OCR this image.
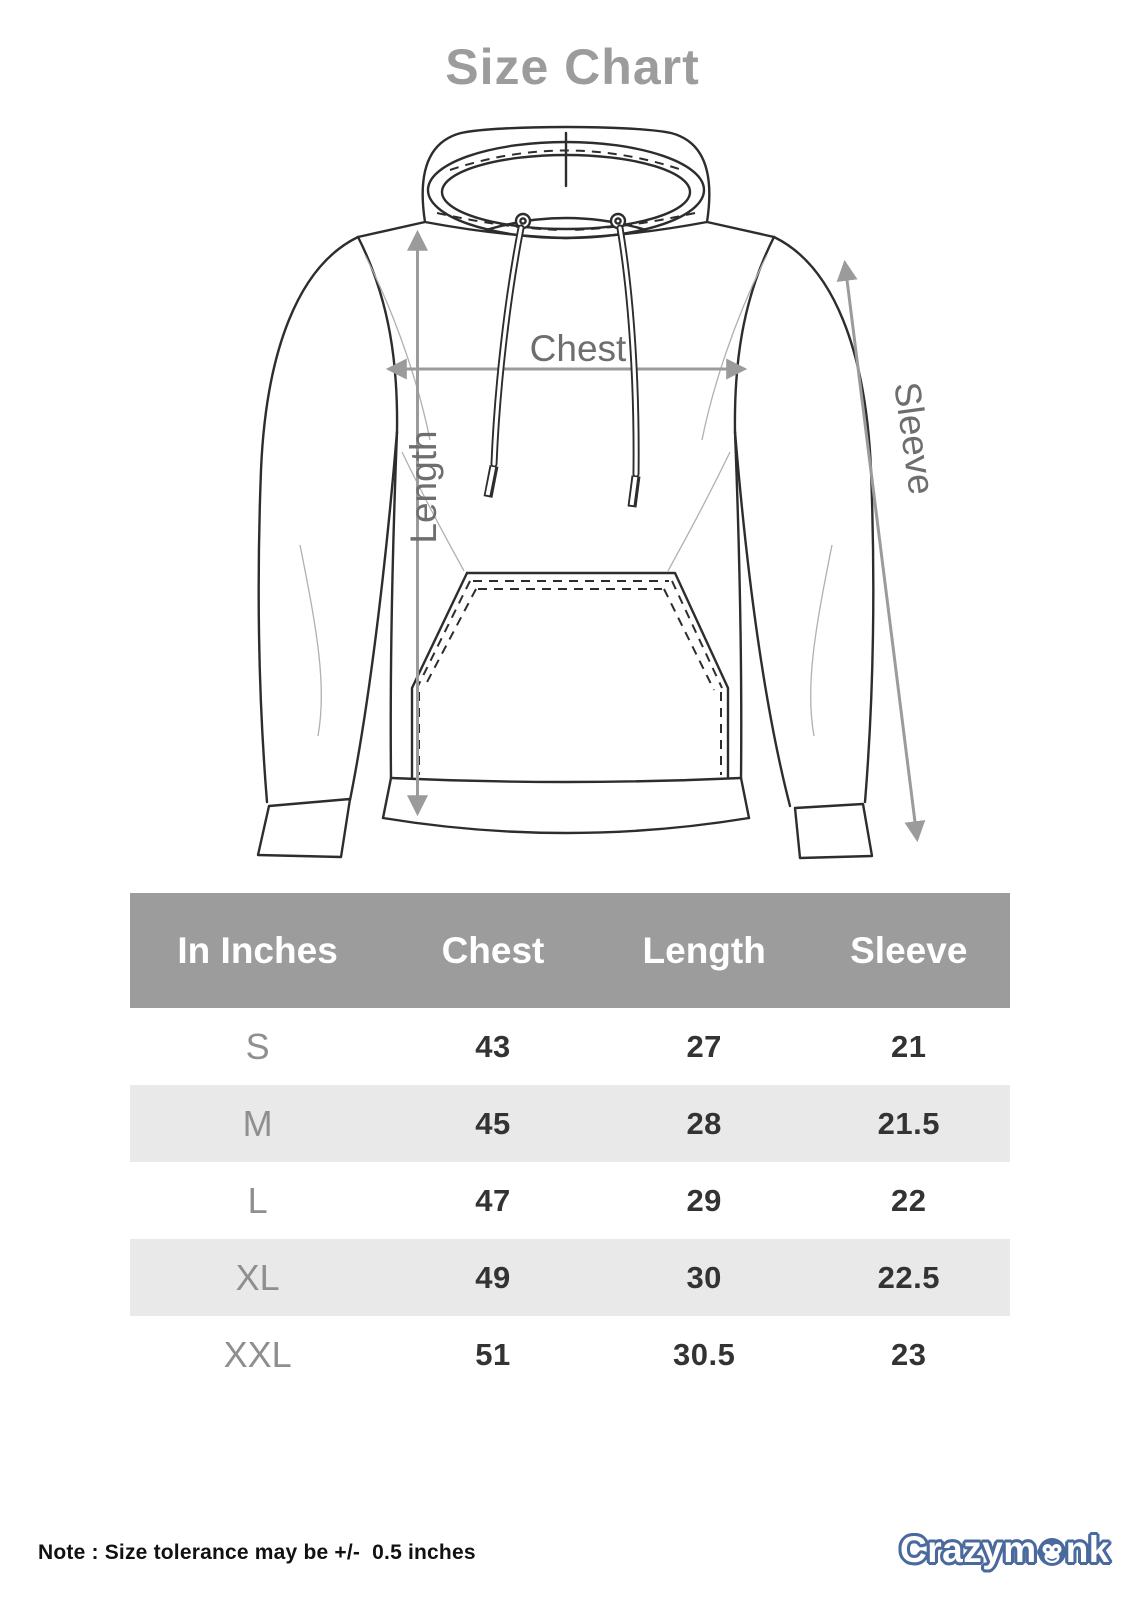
Size Chart
Chest
Length	Sleeve
In Inches	Chest	Length	Sleeve
S	43	27	21
M	45	28	21.5
L	47	29	22
XL	49	30	22.5
XXL	51	30.5	23
Note : Size tolerance may be +/-  0.5 inches	Crazym nk
